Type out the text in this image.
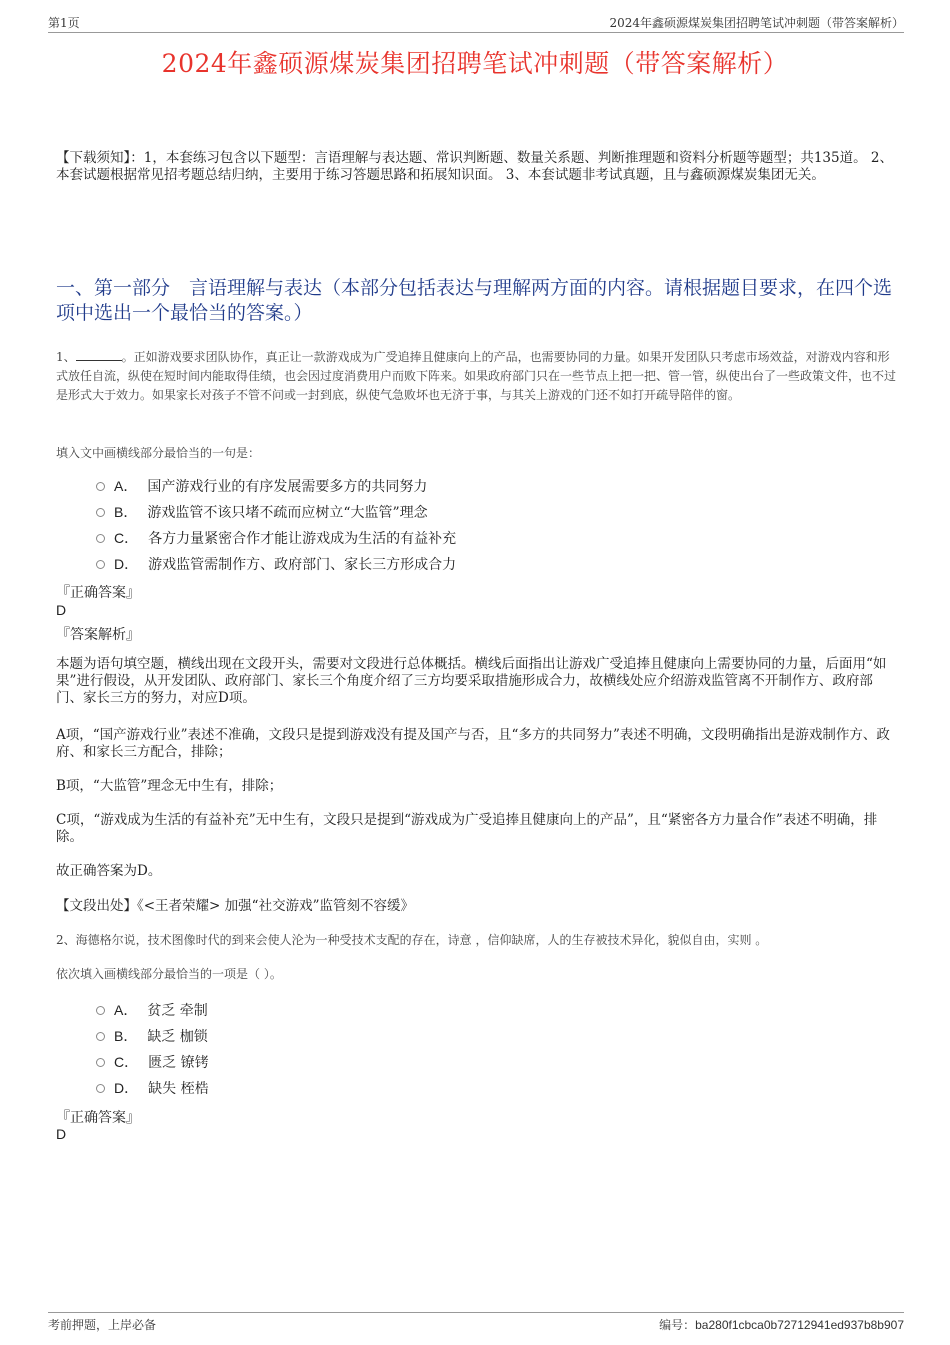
第1页	2024年鑫硕源煤炭集团招聘笔试冲刺题（带答案解析）
2024年鑫硕源煤炭集团招聘笔试冲刺题（带答案解析）
【下载须知】：1，本套练习包含以下题型：言语理解与表达题、常识判断题、数量关系题、判断推理题和资料分析题等题型；共135道。 2、本套试题根据常见招考题总结归纳，主要用于练习答题思路和拓展知识面。 3、本套试题非考试真题，且与鑫硕源煤炭集团无关。
一、第一部分　言语理解与表达（本部分包括表达与理解两方面的内容。请根据题目要求，在四个选项中选出一个最恰当的答案。）
1、	。正如游戏要求团队协作，真正让一款游戏成为广受追捧且健康向上的产品，也需要协同的力量。如果开发团队只考虑市场效益，对游戏内容和形式放任自流，纵使在短时间内能取得佳绩，也会因过度消费用户而败下阵来。如果政府部门只在一些节点上把一把、管一管，纵使出台了一些政策文件，也不过是形式大于效力。如果家长对孩子不管不问或一封到底，纵使气急败坏也无济于事，与其关上游戏的门还不如打开疏导陪伴的窗。
填入文中画横线部分最恰当的一句是：
A． 国产游戏行业的有序发展需要多方的共同努力
B． 游戏监管不该只堵不疏而应树立“大监管”理念
C． 各方力量紧密合作才能让游戏成为生活的有益补充
D． 游戏监管需制作方、政府部门、家长三方形成合力
『正确答案』
D
『答案解析』
本题为语句填空题，横线出现在文段开头，需要对文段进行总体概括。横线后面指出让游戏广受追捧且健康向上需要协同的力量，后面用“如果”进行假设，从开发团队、政府部门、家长三个角度介绍了三方均要采取措施形成合力，故横线处应介绍游戏监管离不开制作方、政府部门、家长三方的努力，对应D项。
A项，“国产游戏行业”表述不准确，文段只是提到游戏没有提及国产与否，且“多方的共同努力”表述不明确，文段明确指出是游戏制作方、政府、和家长三方配合，排除；
B项，“大监管”理念无中生有，排除；
C项，“游戏成为生活的有益补充”无中生有，文段只是提到“游戏成为广受追捧且健康向上的产品”，且“紧密各方力量合作”表述不明确，排除。
故正确答案为D。
【文段出处】《<王者荣耀> 加强“社交游戏”监管刻不容缓》
2、海德格尔说，技术图像时代的到来会使人沦为一种受技术支配的存在，诗意 ，信仰缺席，人的生存被技术异化，貌似自由，实则 。
依次填入画横线部分最恰当的一项是（ ）。
A． 贫乏 牵制
B． 缺乏 枷锁
C． 匮乏 镣铐
D． 缺失 桎梏
『正确答案』
D
考前押题，上岸必备	编号：ba280f1cbca0b72712941ed937b8b907
